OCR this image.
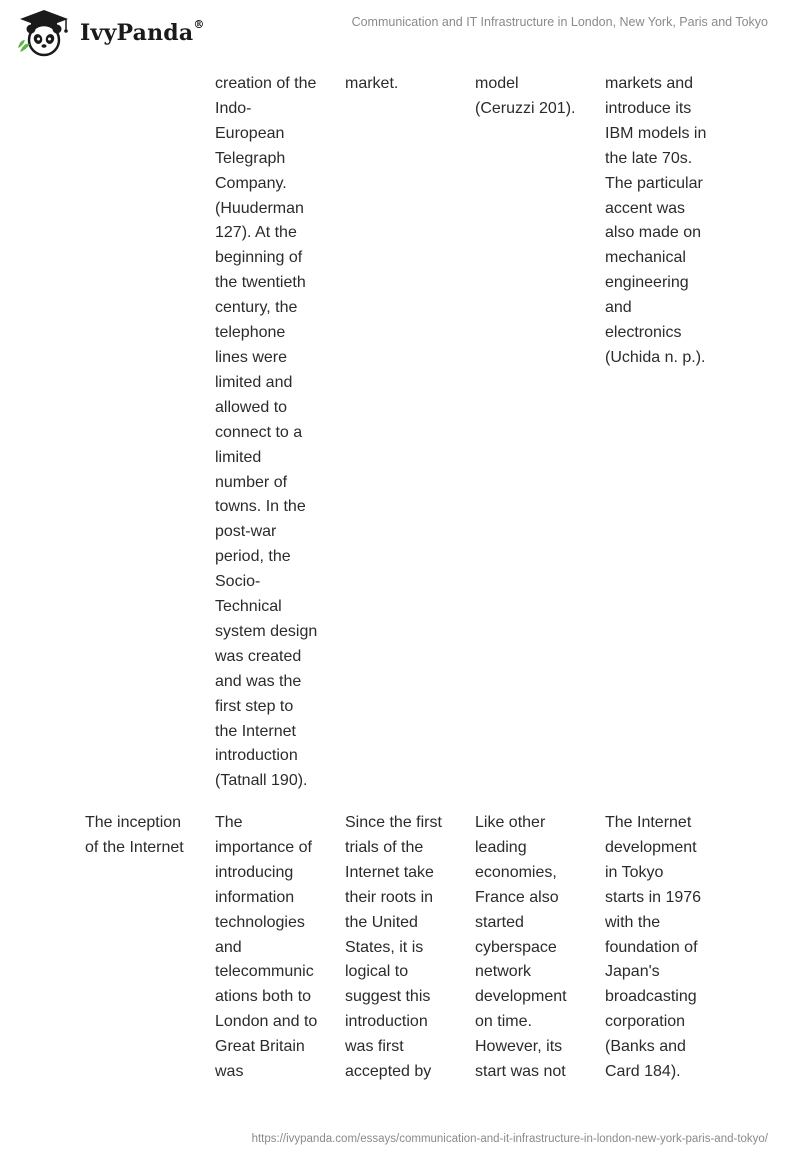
IvyPanda®	Communication and IT Infrastructure in London, New York, Paris and Tokyo
creation of the
Indo-
European
Telegraph
Company.
(Huuderman
127). At the
beginning of
the twentieth
century, the
telephone
lines were
limited and
allowed to
connect to a
limited
number of
towns. In the
post-war
period, the
Socio-
Technical
system design
was created
and was the
first step to
the Internet
introduction
(Tatnall 190).
market.	model
(Ceruzzi 201).
markets and
introduce its
IBM models in
the late 70s.
The particular
accent was
also made on
mechanical
engineering
and
electronics
(Uchida n. p.).
The inception
of the Internet
The
importance of
introducing
information
technologies
and
telecommunic
ations both to
London and to
Great Britain
was
Since the first
trials of the
Internet take
their roots in
the United
States, it is
logical to
suggest this
introduction
was first
accepted by
Like other
leading
economies,
France also
started
cyberspace
network
development
on time.
However, its
start was not
The Internet
development
in Tokyo
starts in 1976
with the
foundation of
Japan's
broadcasting
corporation
(Banks and
Card 184).
https://ivypanda.com/essays/communication-and-it-infrastructure-in-london-new-york-paris-and-tokyo/
